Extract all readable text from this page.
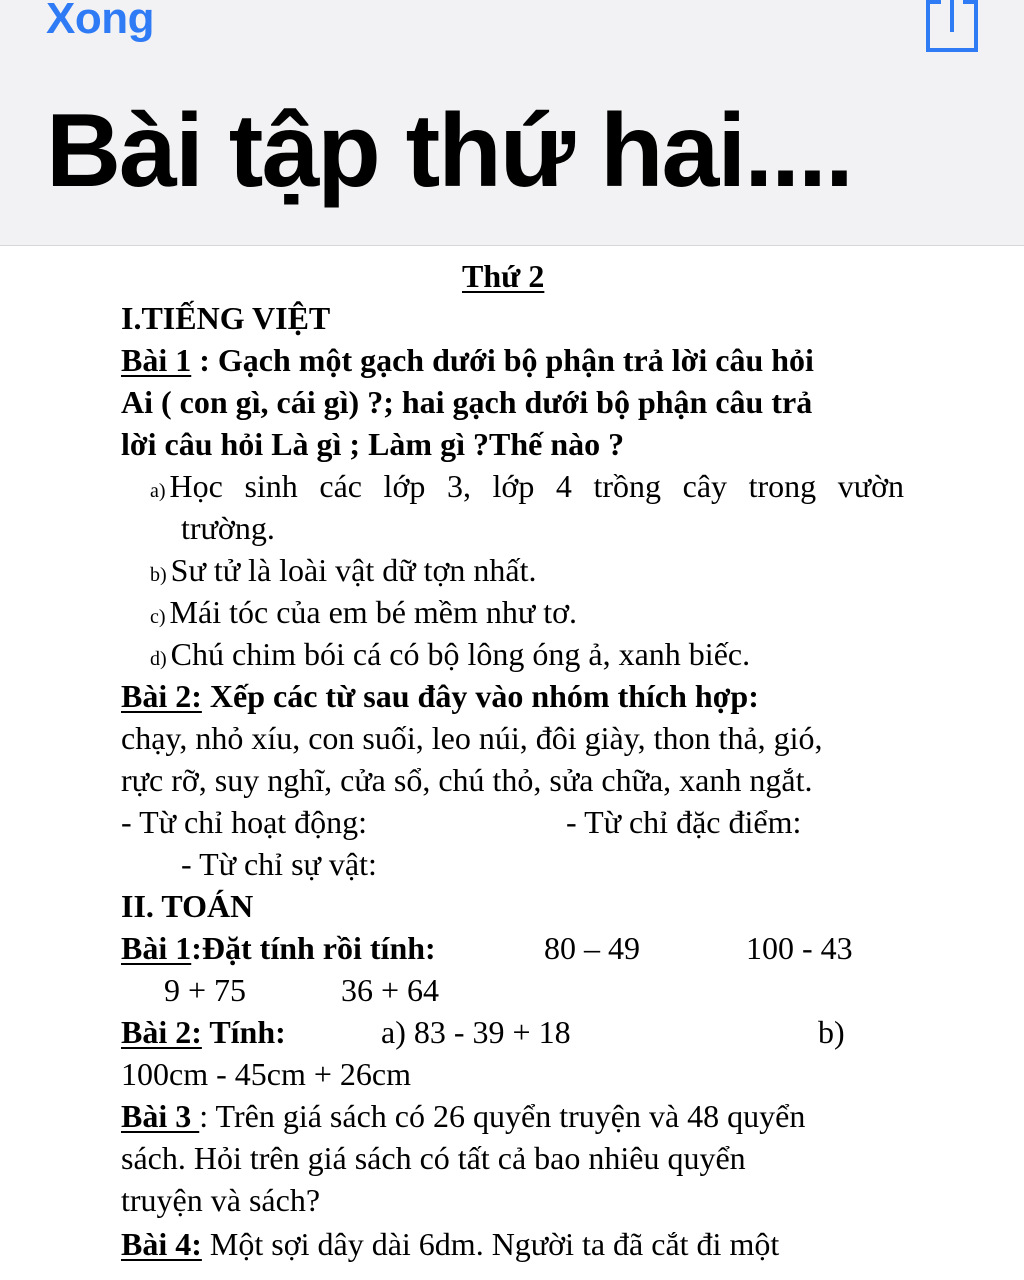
Xong
Bài tập thứ hai....
Thứ 2
I.TIẾNG VIỆT
Bài 1 : Gạch một gạch dưới bộ phận trả lời câu hỏi
Ai ( con gì, cái gì) ?; hai gạch dưới bộ phận câu trả
lời câu hỏi Là gì ; Làm gì ?Thế nào ?
a) Học sinh các lớp 3, lớp 4 trồng cây trong vườn
trường.
b) Sư tử là loài vật dữ tợn nhất.
c) Mái tóc của em bé mềm như tơ.
d) Chú chim bói cá có bộ lông óng ả, xanh biếc.
Bài 2: Xếp các từ sau đây vào nhóm thích hợp:
chạy, nhỏ xíu, con suối, leo núi, đôi giày, thon thả, gió,
rực rỡ, suy nghĩ, cửa sổ, chú thỏ, sửa chữa, xanh ngắt.
- Từ chỉ hoạt động:	- Từ chỉ đặc điểm:
- Từ chỉ sự vật:
II. TOÁN
Bài 1:Đặt tính rồi tính:	80 – 49	100 - 43
9 + 75	36 + 64
Bài 2: Tính:	a) 83 - 39 + 18	b)
100cm - 45cm + 26cm
Bài 3 : Trên giá sách có 26 quyển truyện và 48 quyển
sách. Hỏi trên giá sách có tất cả bao nhiêu quyển
truyện và sách?
Bài 4: Một sợi dây dài 6dm. Người ta đã cắt đi một
